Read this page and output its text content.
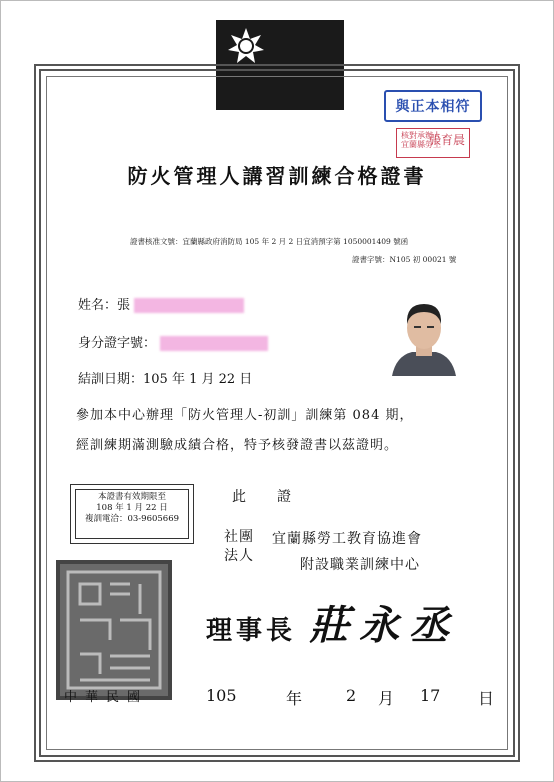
與正本相符
核對承辦人
宜蘭縣勞工
張育晨
防火管理人講習訓練合格證書
證書核准文號：宜蘭縣政府消防局 105 年 2 月 2 日宜消預字第 1050001409 號函
證書字號：N105 初 00021 號
姓名：張
身分證字號：
結訓日期：105 年 1 月 22 日
參加本中心辦理「防火管理人-初訓」訓練第 084 期，
經訓練期滿測驗成績合格，特予核發證書以茲證明。
本證書有效期限至
108 年 1 月 22 日
複訓電洽：03-9605669
此　　證
社團
法人
宜蘭縣勞工教育協進會
附設職業訓練中心
理事長 莊永丞
中華民國	105	年	2 月 17 日
